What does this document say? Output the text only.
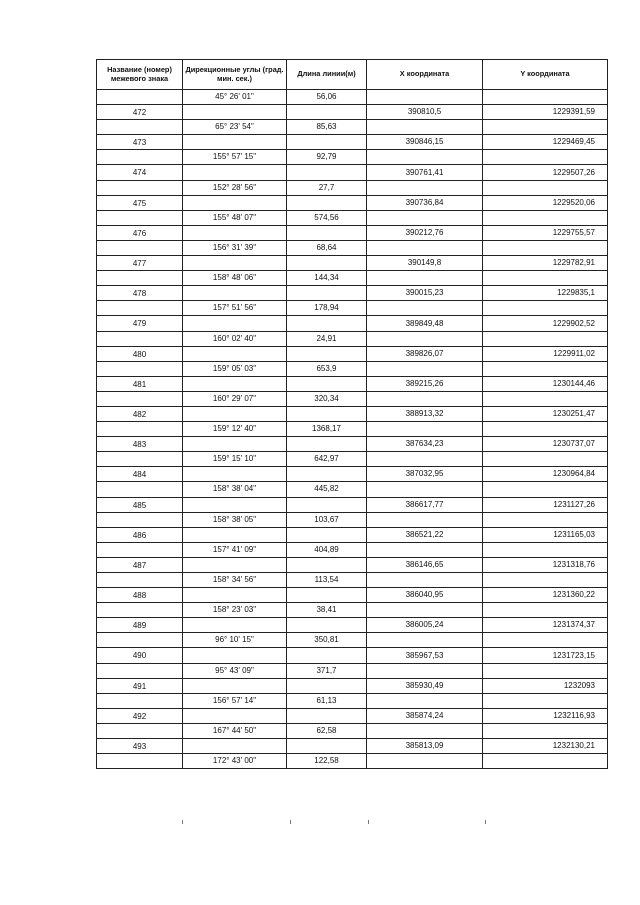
Название (номер) межевого знака	Дирекционные углы (град. мин. сек.)	Длина линии(м)	X координата	Y координата
	45° 26' 01"	56,06		
472			390810,5	1229391,59
	65° 23' 54"	85,63		
473			390846,15	1229469,45
	155° 57' 15"	92,79		
474			390761,41	1229507,26
	152° 28' 56"	27,7		
475			390736,84	1229520,06
	155° 48' 07"	574,56		
476			390212,76	1229755,57
	156° 31' 39"	68,64		
477			390149,8	1229782,91
	158° 48' 06"	144,34		
478			390015,23	1229835,1
	157° 51' 56"	178,94		
479			389849,48	1229902,52
	160° 02' 40"	24,91		
480			389826,07	1229911,02
	159° 05' 03"	653,9		
481			389215,26	1230144,46
	160° 29' 07"	320,34		
482			388913,32	1230251,47
	159° 12' 40"	1368,17		
483			387634,23	1230737,07
	159° 15' 10"	642,97		
484			387032,95	1230964,84
	158° 38' 04"	445,82		
485			386617,77	1231127,26
	158° 38' 05"	103,67		
486			386521,22	1231165,03
	157° 41' 09"	404,89		
487			386146,65	1231318,76
	158° 34' 56"	113,54		
488			386040,95	1231360,22
	158° 23' 03"	38,41		
489			386005,24	1231374,37
	96° 10' 15"	350,81		
490			385967,53	1231723,15
	95° 43' 09"	371,7		
491			385930,49	1232093
	156° 57' 14"	61,13		
492			385874,24	1232116,93
	167° 44' 50"	62,58		
493			385813,09	1232130,21
	172° 43' 00"	122,58		
